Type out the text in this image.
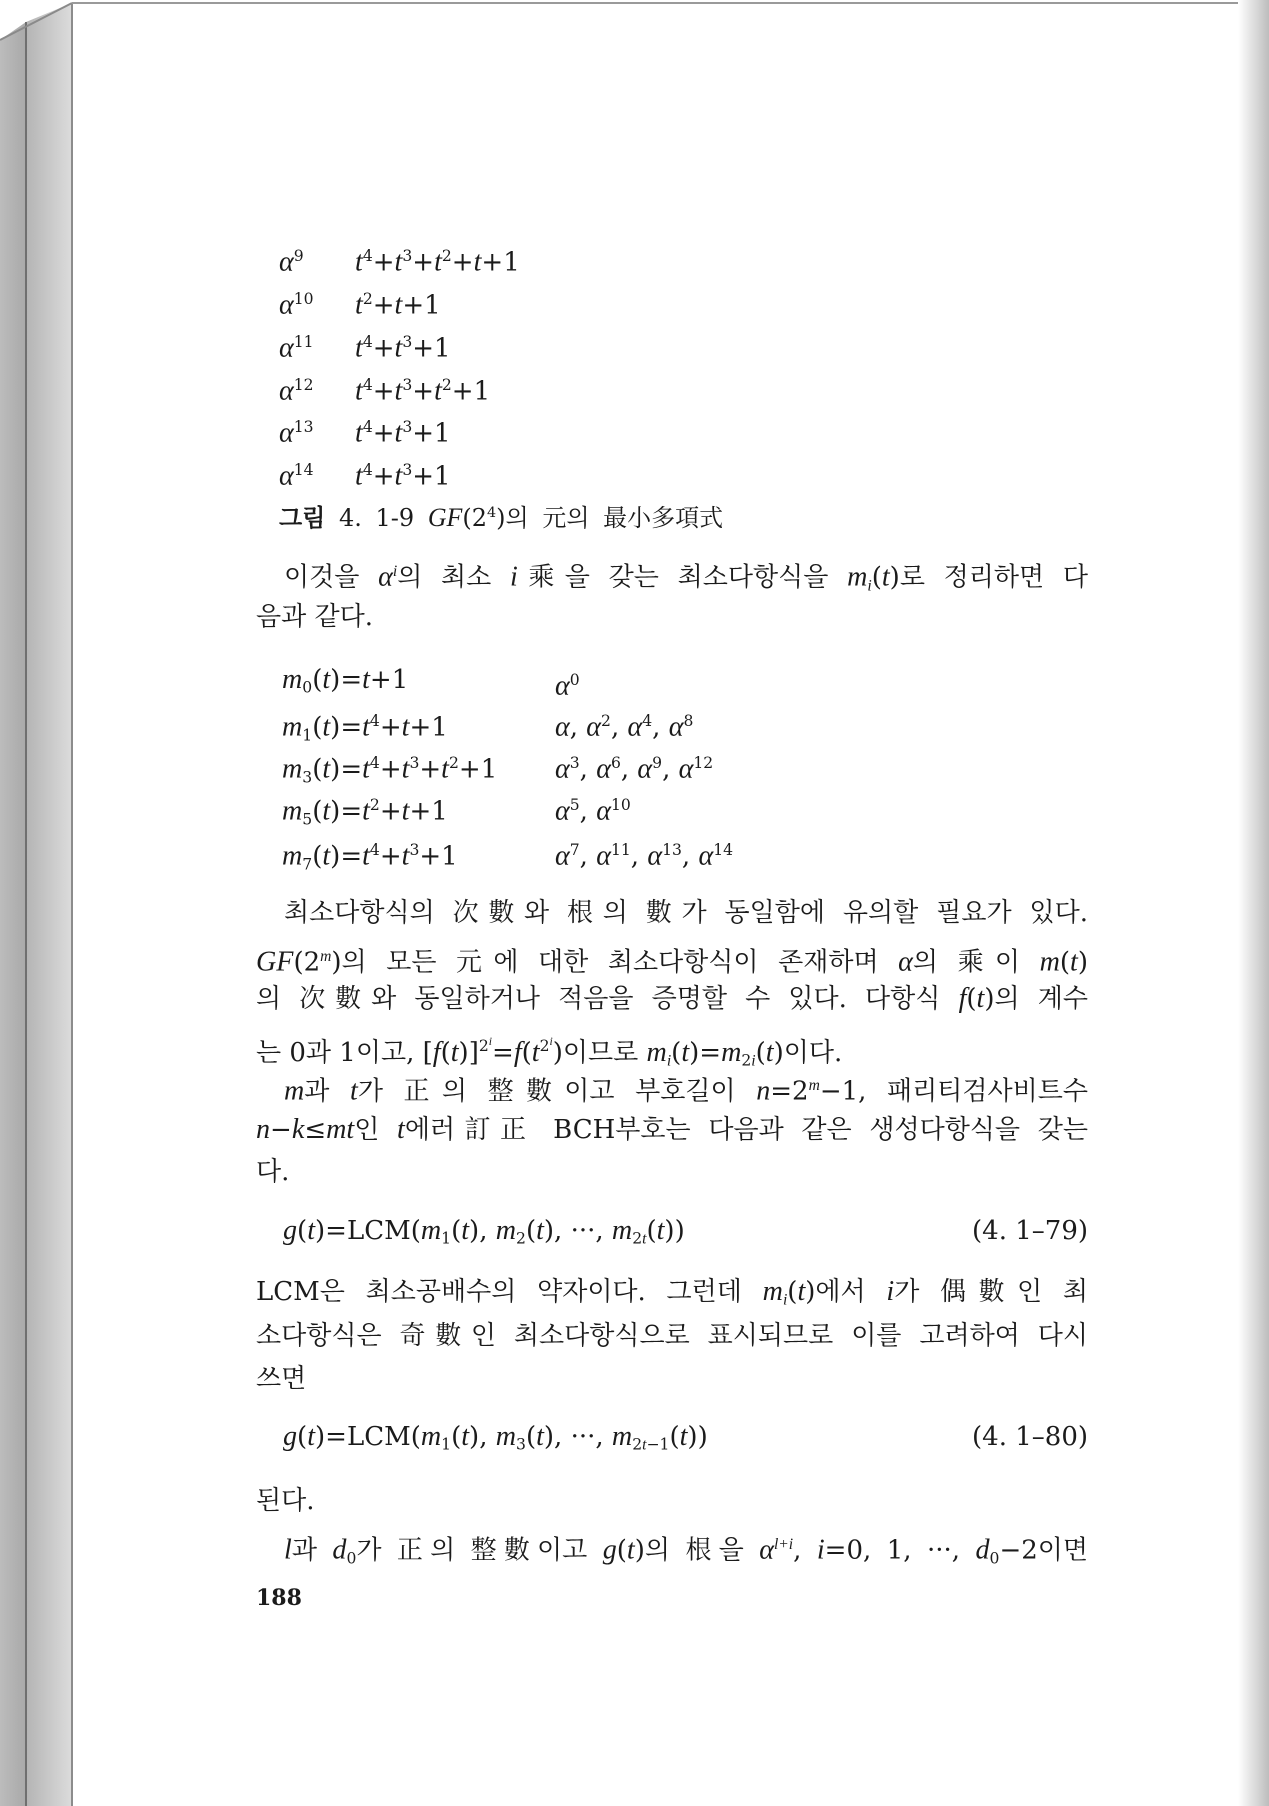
$\alpha^9$	$t^4+t^3+t^2+t+1$
$\alpha^{10}$	$t^2+t+1$
$\alpha^{11}$	$t^4+t^3+1$
$\alpha^{12}$	$t^4+t^3+t^2+1$
$\alpha^{13}$	$t^4+t^3+1$
$\alpha^{14}$	$t^4+t^3+1$
그림 4. 1-9 $GF(2^4)$의 元의 最小多項式
이것을 $\alpha^i$의 최소 i乘을 갖는 최소다항식을 mi(t)로 정리하면 다
음과 같다.
m0(t)=t+1	$\alpha^0$
$m1(t)=t^4+t+1$	α, $\alpha^2$, $\alpha^4$, $\alpha^8$
$m3(t)=t^4+t^3+t^2+1$	$\alpha^3$, $\alpha^6$, $\alpha^9$, $\alpha^{12}$
$m5(t)=t^2+t+1$	$\alpha^5$, $\alpha^{10}$
$m7(t)=t^4+t^3+1$	$\alpha^7$, $\alpha^{11}$, $\alpha^{13}$, $\alpha^{14}$
최소다항식의 次數와 根의 數가 동일함에 유의할 필요가 있다.
GF(2$^m$)의 모든 元에 대한 최소다항식이 존재하며 α의 乘이 m(t)
의 次數와 동일하거나 적음을 증명할 수 있다. 다항식 f(t)의 계수
는 0과 1이고, $[f(t)]^{2i}=f(t^{2i})$이므로 mi(t)=m2i(t)이다.
m과 t가 正의 整數이고 부호길이 $n=2^m-1$, 패리티검사비트수
n−k≤mt인 t에러訂正 BCH부호는 다음과 같은 생성다항식을 갖는
다.
g(t)=LCM(m1(t), m2(t), ···, m2t(t))	(4. 1–79)
LCM은 최소공배수의 약자이다. 그런데 mi(t)에서 i가 偶數인 최
소다항식은 奇數인 최소다항식으로 표시되므로 이를 고려하여 다시
쓰면
g(t)=LCM(m1(t), m3(t), ···, m2t−1(t))	(4. 1–80)
된다.
l과 d0가 正의 整數이고 g(t)의 根을 $\alpha^{l+i}$, i=0, 1, ···, d0−2이면
188
